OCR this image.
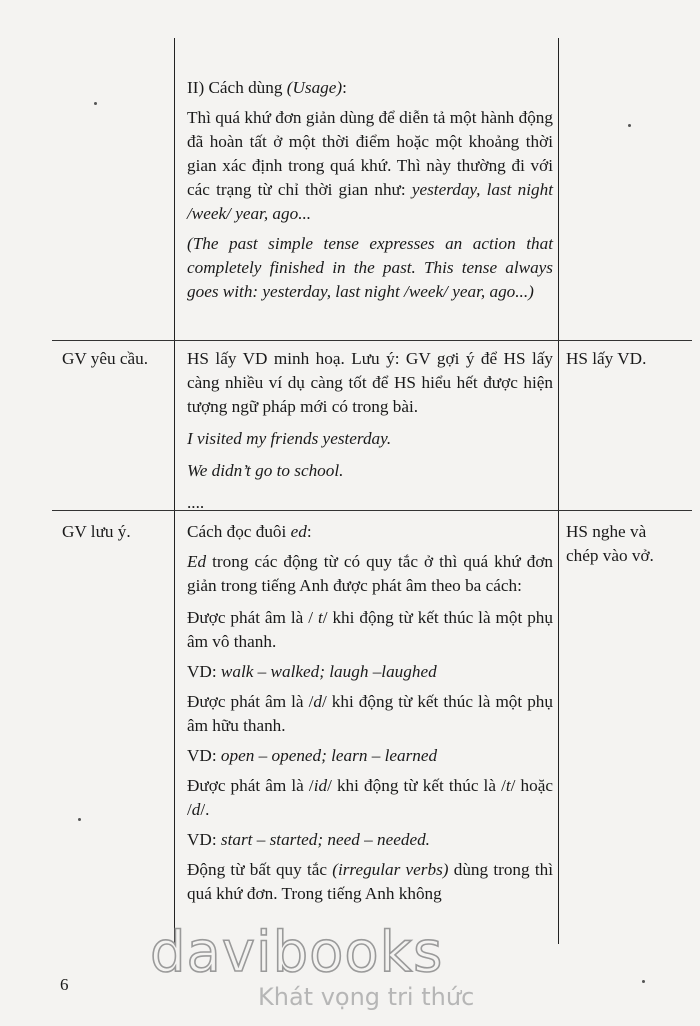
II) Cách dùng (Usage):

Thì quá khứ đơn giản dùng để diễn tả một hành động đã hoàn tất ở một thời điểm hoặc một khoảng thời gian xác định trong quá khứ. Thì này thường đi với các trạng từ chỉ thời gian như: yesterday, last night /week/ year, ago...

(The past simple tense expresses an action that completely finished in the past. This tense always goes with: yesterday, last night /week/ year, ago...)

GV yêu cầu.	HS lấy VD minh hoạ. Lưu ý: GV gợi ý để HS lấy càng nhiều ví dụ càng tốt để HS hiểu hết được hiện tượng ngữ pháp mới có trong bài.

I visited my friends yesterday.

We didn’t go to school.

....

HS lấy VD.
GV lưu ý.	Cách đọc đuôi ed:

Ed trong các động từ có quy tắc ở thì quá khứ đơn giản trong tiếng Anh được phát âm theo ba cách:

Được phát âm là / t/ khi động từ kết thúc là một phụ âm vô thanh.

VD: walk – walked; laugh –laughed

Được phát âm là /d/ khi động từ kết thúc là một phụ âm hữu thanh.

VD: open – opened; learn – learned

Được phát âm là /id/ khi động từ kết thúc là /t/ hoặc /d/.

VD: start – started; need – needed.

Động từ bất quy tắc (irregular verbs) dùng trong thì quá khứ đơn. Trong tiếng Anh không

HS nghe và chép vào vở.
6 davibooks
Khát vọng tri thức
